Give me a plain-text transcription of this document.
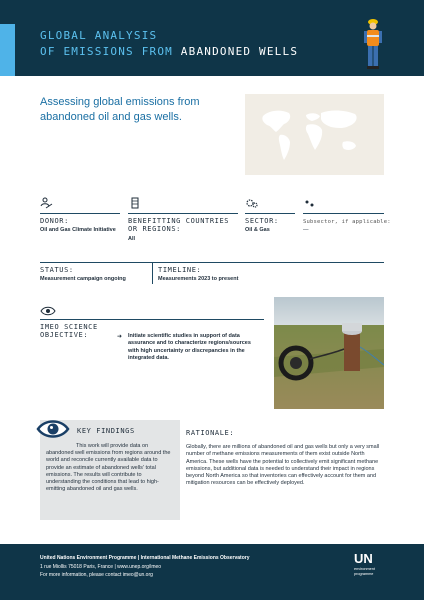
GLOBAL ANALYSIS
OF EMISSIONS FROM ABANDONED WELLS
Assessing global emissions from abandoned oil and gas wells.
DONOR:
Oil and Gas Climate Initiative
BENEFITTING COUNTRIES OR REGIONS:
All
SECTOR:
Oil & Gas
Subsector, if applicable:
—
STATUS:
Measurement campaign ongoing
TIMELINE:
Measurements 2023 to present
IMEO SCIENCE OBJECTIVE:	➜ Initiate scientific studies in support of data assurance and to characterize regions/sources with high uncertainty or discrepancies in the integrated data.
KEY FINDINGS
This work will provide data on abandoned well emissions from regions around the world and reconcile currently available data to provide an estimate of abandoned wells' total emissions. The results will contribute to understanding the conditions that lead to high-emitting abandoned oil and gas wells.
RATIONALE:
Globally, there are millions of abandoned oil and gas wells but only a very small number of methane emissions measurements of them exist outside North America. These wells have the potential to collectively emit significant methane emissions, but additional data is needed to understand their impact in regions beyond North America so that inventories can effectively account for them and mitigation resources can be effectively deployed.
United Nations Environment Programme | International Methane Emissions Observatory
1 rue Miollis 75018 Paris, France | www.unep.org/imeo
For more information, please contact imeo@un.org
UN
environment
programme
